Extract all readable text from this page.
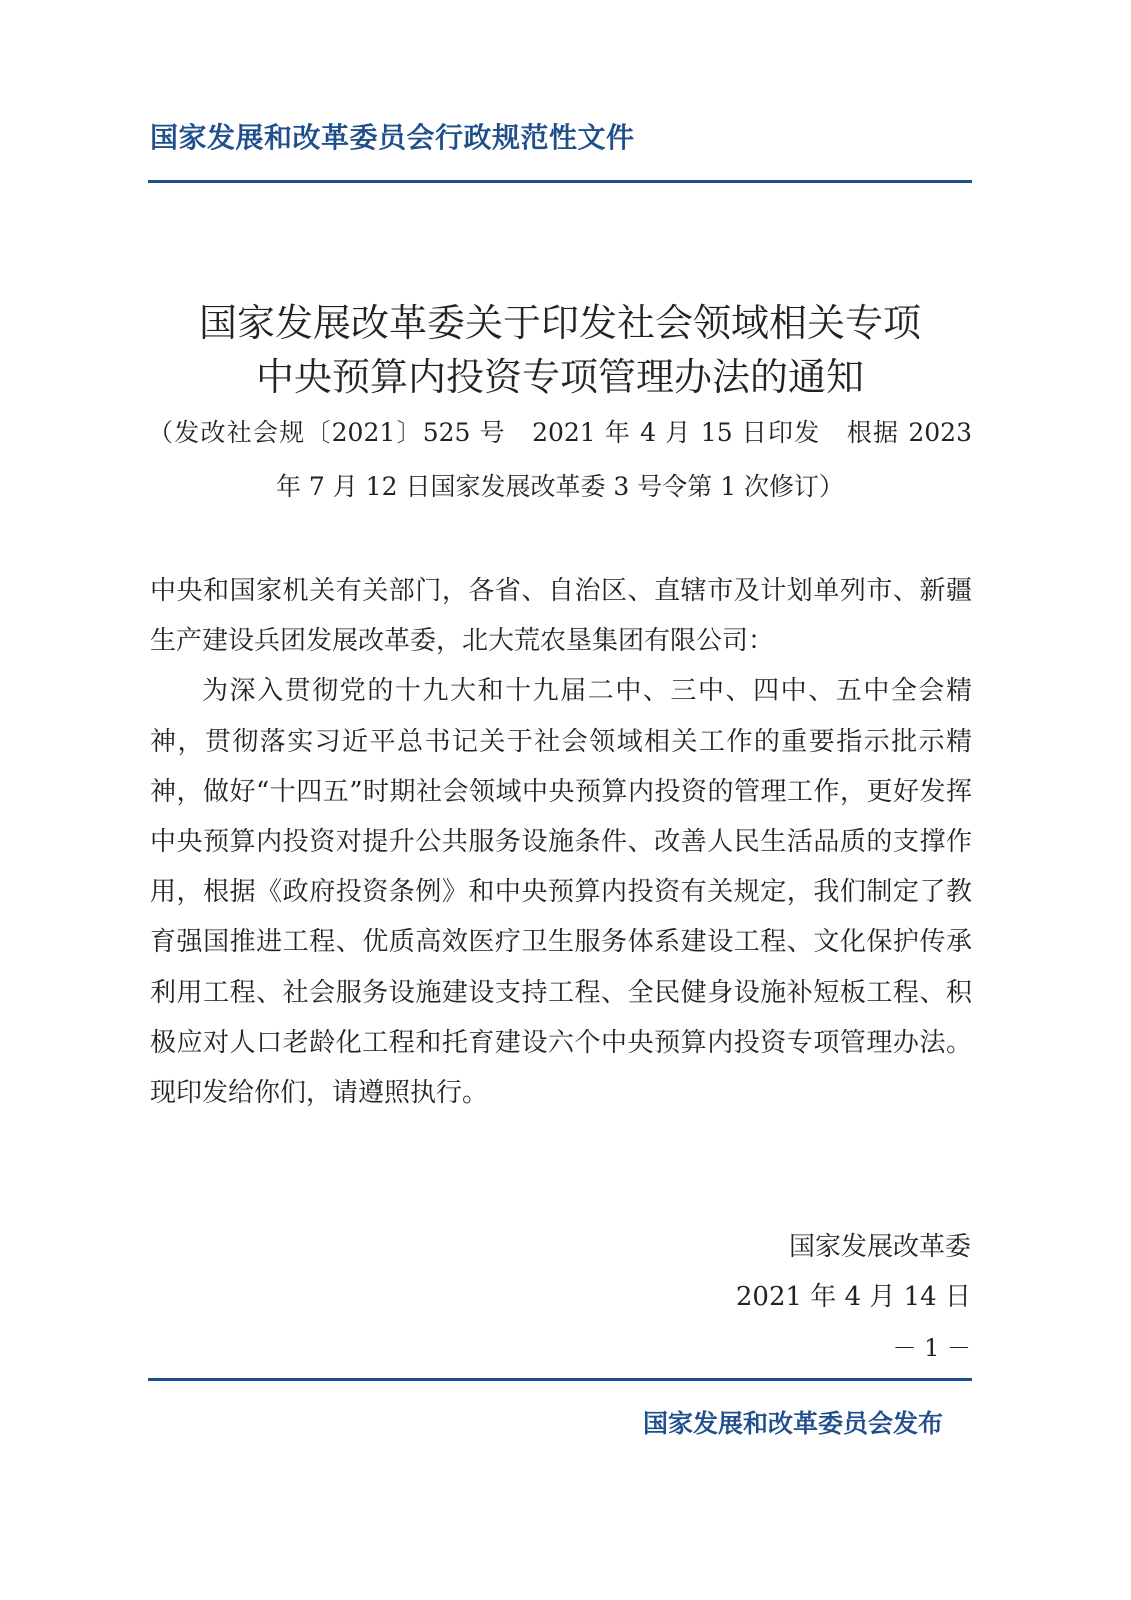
国家发展和改革委员会行政规范性文件
国家发展改革委关于印发社会领域相关专项
中央预算内投资专项管理办法的通知
（发改社会规〔2021〕525 号　2021 年 4 月 15 日印发　根据 2023
年 7 月 12 日国家发展改革委 3 号令第 1 次修订）

中央和国家机关有关部门，各省、自治区、直辖市及计划单列市、新疆生产建设兵团发展改革委，北大荒农垦集团有限公司：

为深入贯彻党的十九大和十九届二中、三中、四中、五中全会精神，贯彻落实习近平总书记关于社会领域相关工作的重要指示批示精神，做好“十四五”时期社会领域中央预算内投资的管理工作，更好发挥中央预算内投资对提升公共服务设施条件、改善人民生活品质的支撑作用，根据《政府投资条例》和中央预算内投资有关规定，我们制定了教育强国推进工程、优质高效医疗卫生服务体系建设工程、文化保护传承利用工程、社会服务设施建设支持工程、全民健身设施补短板工程、积极应对人口老龄化工程和托育建设六个中央预算内投资专项管理办法。现印发给你们，请遵照执行。

国家发展改革委
2021 年 4 月 14 日
－ 1 －
国家发展和改革委员会发布
